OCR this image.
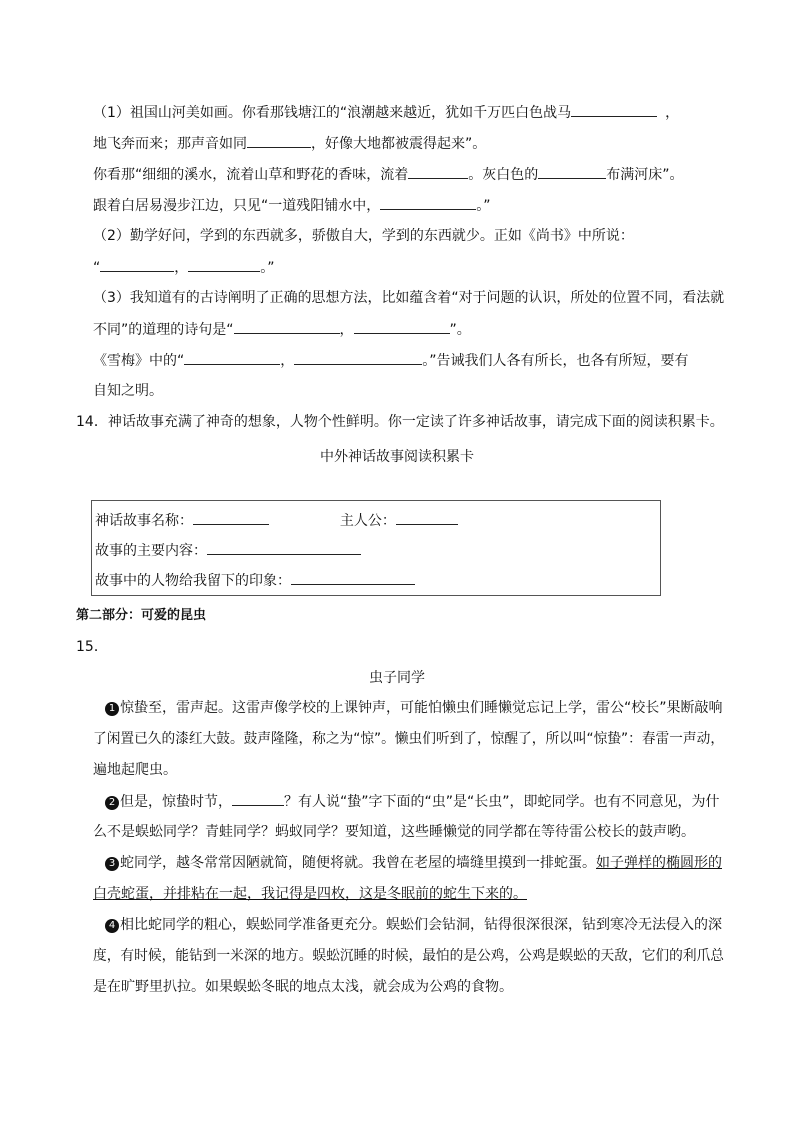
（1）祖国山河美如画。你看那钱塘江的“浪潮越来越近，犹如千万匹白色战马	，
地飞奔而来；那声音如同	，好像大地都被震得起来”。
你看那“细细的溪水，流着山草和野花的香味，流着	。灰白色的	布满河床”。
跟着白居易漫步江边，只见“一道残阳铺水中，	。”
（2）勤学好问，学到的东西就多，骄傲自大，学到的东西就少。正如《尚书》中所说：
“	，	。”
（3）我知道有的古诗阐明了正确的思想方法，比如蕴含着“对于问题的认识，所处的位置不同，看法就
不同”的道理的诗句是“	，	”。
《雪梅》中的“	，	。”告诫我们人各有所长，也各有所短，要有
自知之明。
14．神话故事充满了神奇的想象，人物个性鲜明。你一定读了许多神话故事，请完成下面的阅读积累卡。
中外神话故事阅读积累卡
神话故事名称：	主人公：
故事的主要内容：
故事中的人物给我留下的印象：
第二部分：可爱的昆虫
15．
虫子同学
1 惊蛰至，雷声起。这雷声像学校的上课钟声，可能怕懒虫们睡懒觉忘记上学，雷公“校长”果断敲响
了闲置已久的漆红大鼓。鼓声隆隆，称之为“惊”。懒虫们听到了，惊醒了，所以叫“惊蛰”：春雷一声动，
遍地起爬虫。
2 但是，惊蛰时节，	？有人说“蛰”字下面的“虫”是“长虫”，即蛇同学。也有不同意见，为什
么不是蜈蚣同学？青蛙同学？蚂蚁同学？要知道，这些睡懒觉的同学都在等待雷公校长的鼓声哟。
3 蛇同学，越冬常常因陋就简，随便将就。我曾在老屋的墙缝里摸到一排蛇蛋。如子弹样的椭圆形的
白壳蛇蛋，并排粘在一起，我记得是四枚，这是冬眠前的蛇生下来的。
4 相比蛇同学的粗心，蜈蚣同学准备更充分。蜈蚣们会钻洞，钻得很深很深，钻到寒冷无法侵入的深
度，有时候，能钻到一米深的地方。蜈蚣沉睡的时候，最怕的是公鸡，公鸡是蜈蚣的天敌，它们的利爪总
是在旷野里扒拉。如果蜈蚣冬眠的地点太浅，就会成为公鸡的食物。
